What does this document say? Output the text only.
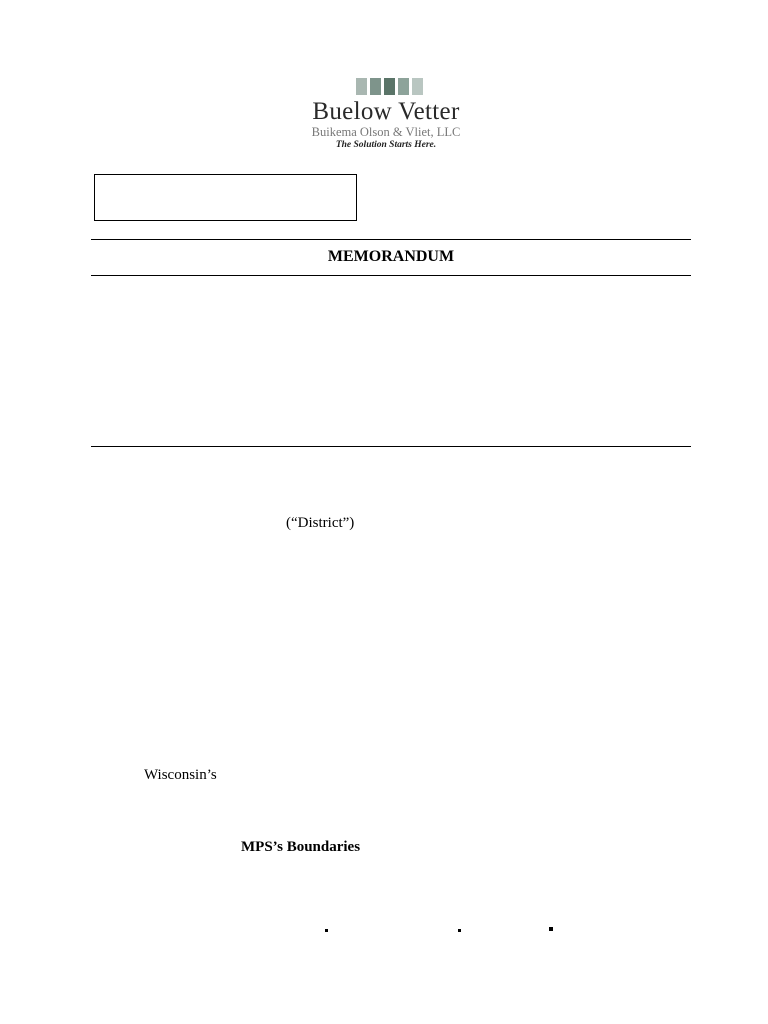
Buelow Vetter
Buikema Olson & Vliet, LLC
The Solution Starts Here.
MEMORANDUM
(“District”)
Wisconsin’s
MPS’s Boundaries
